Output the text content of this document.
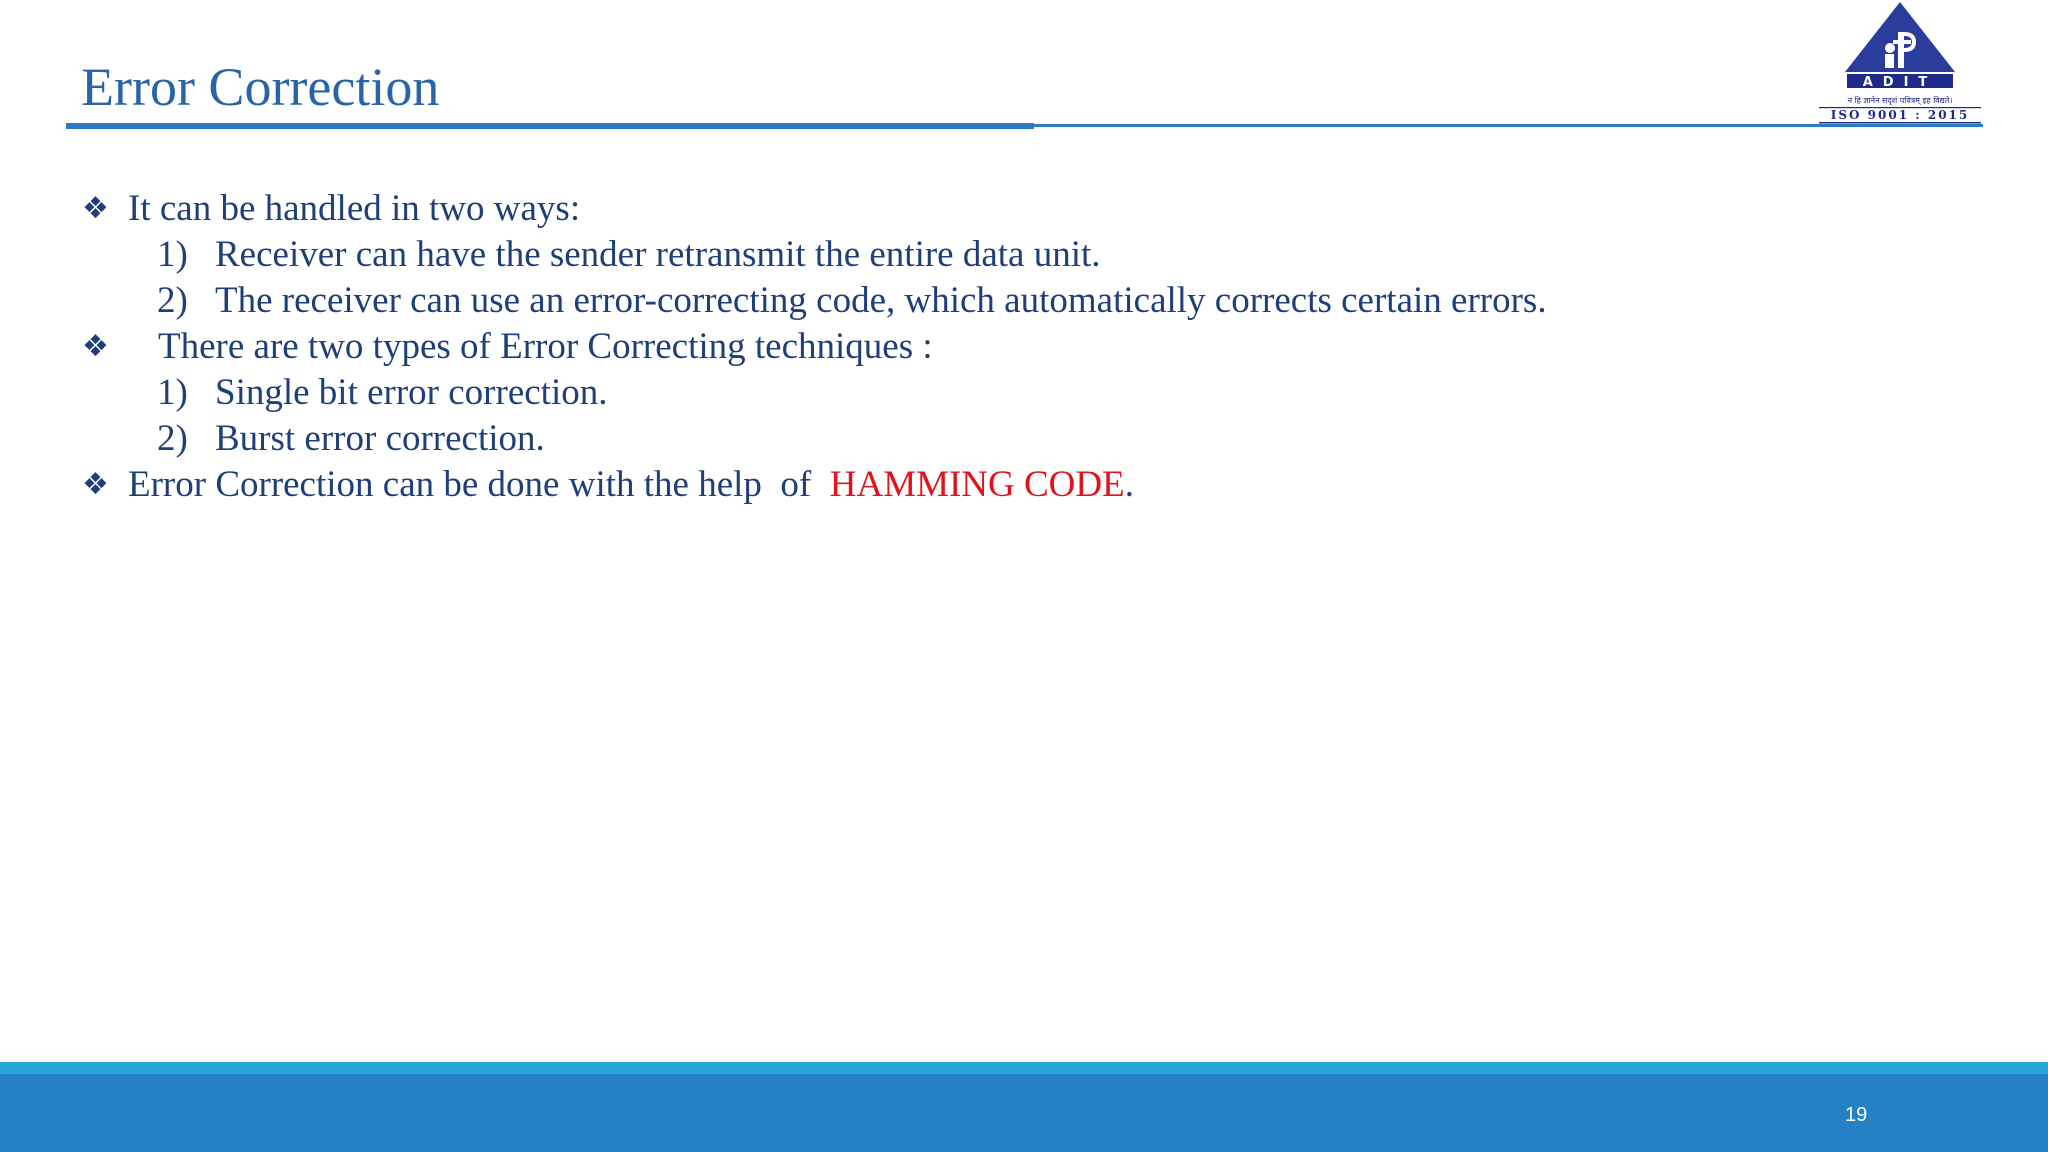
Error Correction	ADIT
न हि ज्ञानेन सदृशं पवित्रम् इह विद्यते।
ISO 9001 : 2015
❖ It can be handled in two ways:
1) Receiver can have the sender retransmit the entire data unit.
2) The receiver can use an error-correcting code, which automatically corrects certain errors.
❖ There are two types of Error Correcting techniques :
1) Single bit error correction.
2) Burst error correction.
❖ Error Correction can be done with the help  of  HAMMING CODE.
19
